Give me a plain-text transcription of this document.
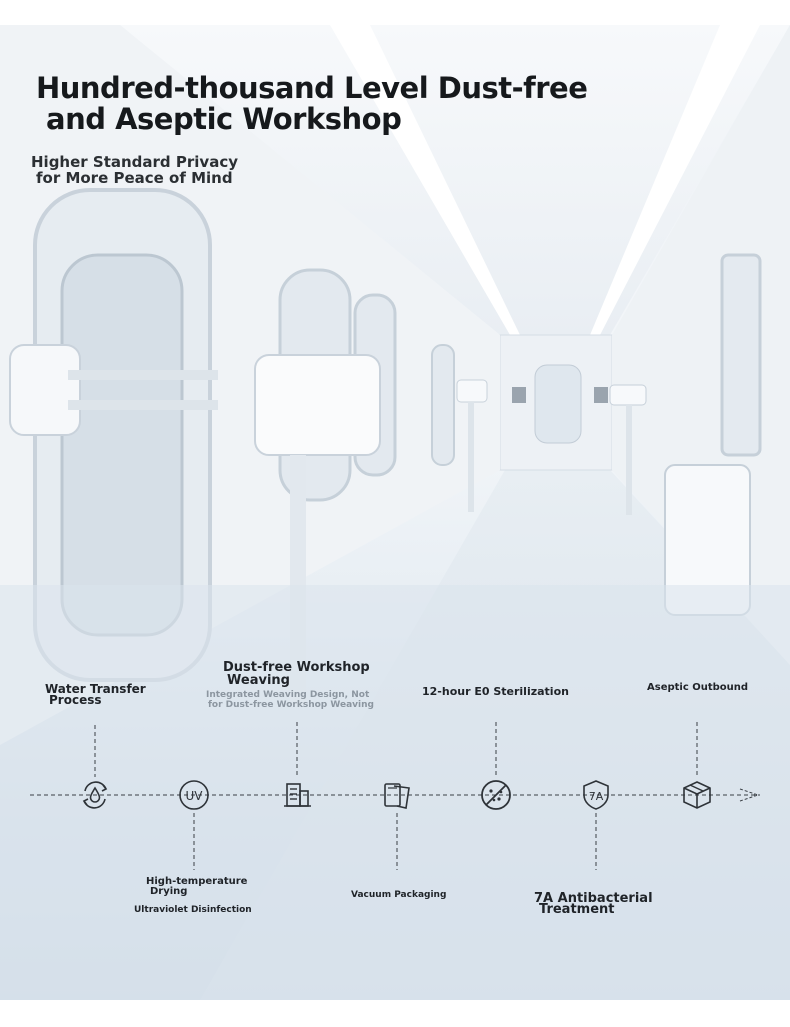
Hundred-thousand Level Dust-free
and Aseptic Workshop
Higher Standard Privacy
for More Peace of Mind
Water Transfer
Process
Dust-free Workshop
Weaving
Integrated Weaving Design, Not
for Dust-free Workshop Weaving
12-hour E0 Sterilization	Aseptic Outbound
High-temperature
Drying
Ultraviolet Disinfection
Vacuum Packaging	7A Antibacterial
Treatment
UV	7A
